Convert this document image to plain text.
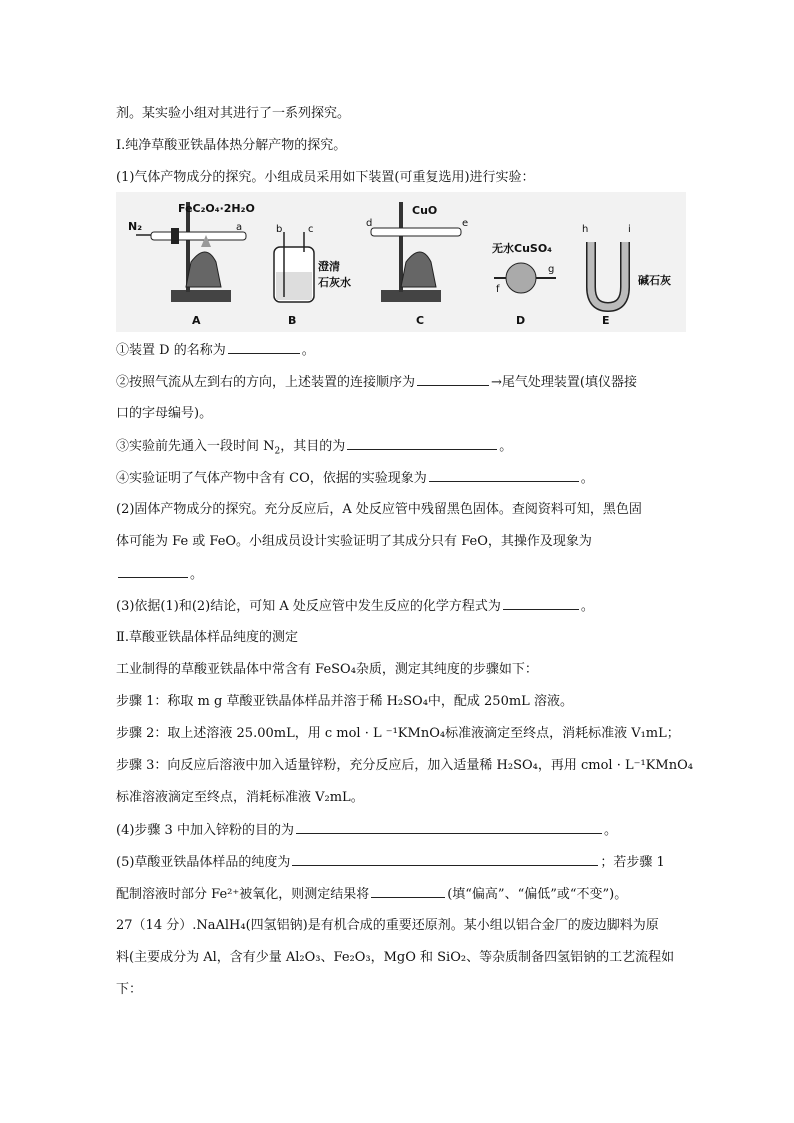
剂。某实验小组对其进行了一系列探究。
I.纯净草酸亚铁晶体热分解产物的探究。
(1)气体产物成分的探究。小组成员采用如下装置(可重复选用)进行实验：
N₂
FeC₂O₄·2H₂O
a
A
b	c
澄清
石灰水
B
d
CuO
e
C
无水CuSO₄
f
g
D
h	i
碱石灰
E
①装置 D 的名称为	。
②按照气流从左到右的方向，上述装置的连接顺序为	→尾气处理装置(填仪器接
口的字母编号)。
③实验前先通入一段时间 $N_2$，其目的为	。
④实验证明了气体产物中含有 CO，依据的实验现象为	。
(2)固体产物成分的探究。充分反应后，A 处反应管中残留黑色固体。查阅资料可知，黑色固
体可能为 Fe 或 FeO。小组成员设计实验证明了其成分只有 FeO，其操作及现象为
。
(3)依据(1)和(2)结论，可知 A 处反应管中发生反应的化学方程式为	。
Ⅱ.草酸亚铁晶体样品纯度的测定
工业制得的草酸亚铁晶体中常含有 FeSO₄杂质，测定其纯度的步骤如下：
步骤 1：称取 m g 草酸亚铁晶体样品并溶于稀 H₂SO₄中，配成 250mL 溶液。
步骤 2：取上述溶液 25.00mL，用 c mol · L ⁻¹KMnO₄标准液滴定至终点，消耗标准液 V₁mL；
步骤 3：向反应后溶液中加入适量锌粉，充分反应后，加入适量稀 H₂SO₄，再用 cmol · L⁻¹KMnO₄
标准溶液滴定至终点，消耗标准液 V₂mL。
(4)步骤 3 中加入锌粉的目的为	。
(5)草酸亚铁晶体样品的纯度为	；若步骤 1
配制溶液时部分 Fe²⁺被氧化，则测定结果将	(填“偏高”、“偏低”或“不变”)。
27（14 分）.NaAlH₄(四氢铝钠)是有机合成的重要还原剂。某小组以铝合金厂的废边脚料为原
料(主要成分为 Al，含有少量 Al₂O₃、Fe₂O₃，MgO 和 SiO₂、等杂质制备四氢铝钠的工艺流程如
下：
